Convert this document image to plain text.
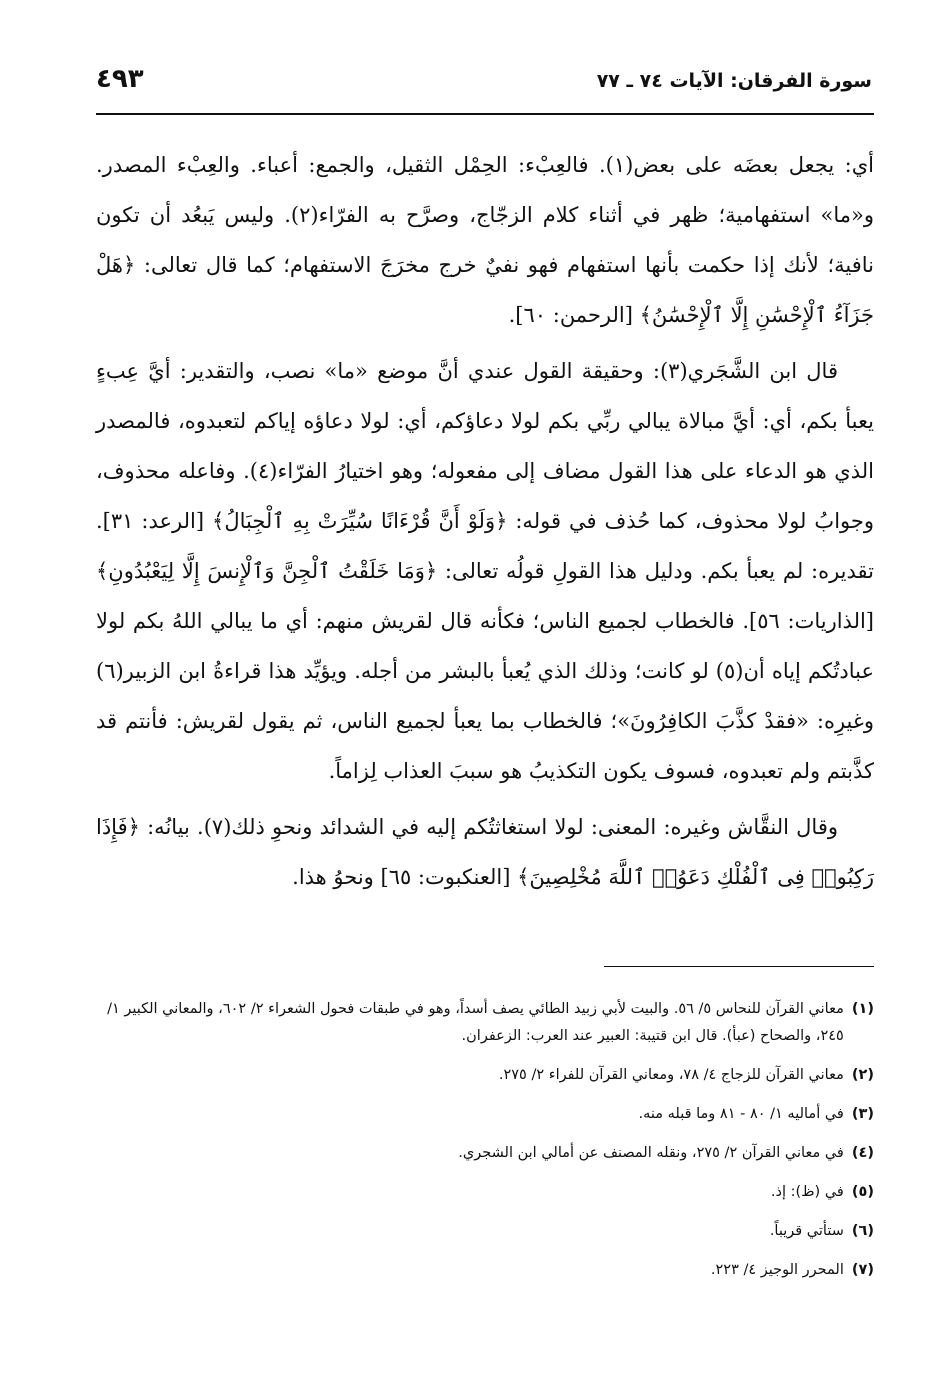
سورة الفرقان: الآيات ٧٤ ـ ٧٧
٤٩٣

أي: يجعل بعضَه على بعض(١). فالعِبْء: الحِمْل الثقيل، والجمع: أعباء. والعِبْء المصدر. و«ما» استفهامية؛ ظهر في أثناء كلام الزجّاج، وصرَّح به الفرّاء(٢). وليس يَبعُد أن تكون نافية؛ لأنك إذا حكمت بأنها استفهام فهو نفيٌ خرج مخرَجَ الاستفهام؛ كما قال تعالى: ﴿هَلْ جَزَآءُ ٱلْإِحْسَٰنِ إِلَّا ٱلْإِحْسَٰنُ﴾ [الرحمن: ٦٠].

قال ابن الشَّجَري(٣): وحقيقة القول عندي أنَّ موضع «ما» نصب، والتقدير: أيَّ عِبءٍ يعبأ بكم، أي: أيَّ مبالاة يبالي ربِّي بكم لولا دعاؤكم، أي: لولا دعاؤه إياكم لتعبدوه، فالمصدر الذي هو الدعاء على هذا القول مضاف إلى مفعوله؛ وهو اختيارُ الفرّاء(٤). وفاعله محذوف، وجوابُ لولا محذوف، كما حُذف في قوله: ﴿وَلَوْ أَنَّ قُرْءَانًا سُيِّرَتْ بِهِ ٱلْجِبَالُ﴾ [الرعد: ٣١]. تقديره: لم يعبأ بكم. ودليل هذا القولِ قولُه تعالى: ﴿وَمَا خَلَقْتُ ٱلْجِنَّ وَٱلْإِنسَ إِلَّا لِيَعْبُدُونِ﴾ [الذاريات: ٥٦]. فالخطاب لجميع الناس؛ فكأنه قال لقريش منهم: أي ما يبالي اللهُ بكم لولا عبادتُكم إياه أن(٥) لو كانت؛ وذلك الذي يُعبأ بالبشر من أجله. ويؤيِّد هذا قراءةُ ابن الزبير(٦) وغيرِه: «فقدْ كذَّبَ الكافِرُونَ»؛ فالخطاب بما يعبأ لجميع الناس، ثم يقول لقريش: فأنتم قد كذَّبتم ولم تعبدوه، فسوف يكون التكذيبُ هو سببَ العذاب لِزاماً.

وقال النقَّاش وغيره: المعنى: لولا استغاثتُكم إليه في الشدائد ونحوِ ذلك(٧). بيانُه: ﴿فَإِذَا رَكِبُوا۟ فِى ٱلْفُلْكِ دَعَوُا۟ ٱللَّهَ مُخْلِصِينَ﴾ [العنكبوت: ٦٥] ونحوُ هذا.

(١)
معاني القرآن للنحاس ٥/ ٥٦. والبيت لأبي زبيد الطائي يصف أسداً، وهو في طبقات فحول الشعراء ٢/ ٦٠٢، والمعاني الكبير ١/ ٢٤٥، والصحاح (عبأ). قال ابن قتيبة: العبير عند العرب: الزعفران.
(٢)
معاني القرآن للزجاج ٤/ ٧٨، ومعاني القرآن للفراء ٢/ ٢٧٥.
(٣)
في أماليه ١/ ٨٠ - ٨١ وما قبله منه.
(٤)
في معاني القرآن ٢/ ٢٧٥، ونقله المصنف عن أمالي ابن الشجري.
(٥)
في (ظ): إذ.
(٦)
ستأتي قريباً.
(٧)
المحرر الوجيز ٤/ ٢٢٣.
